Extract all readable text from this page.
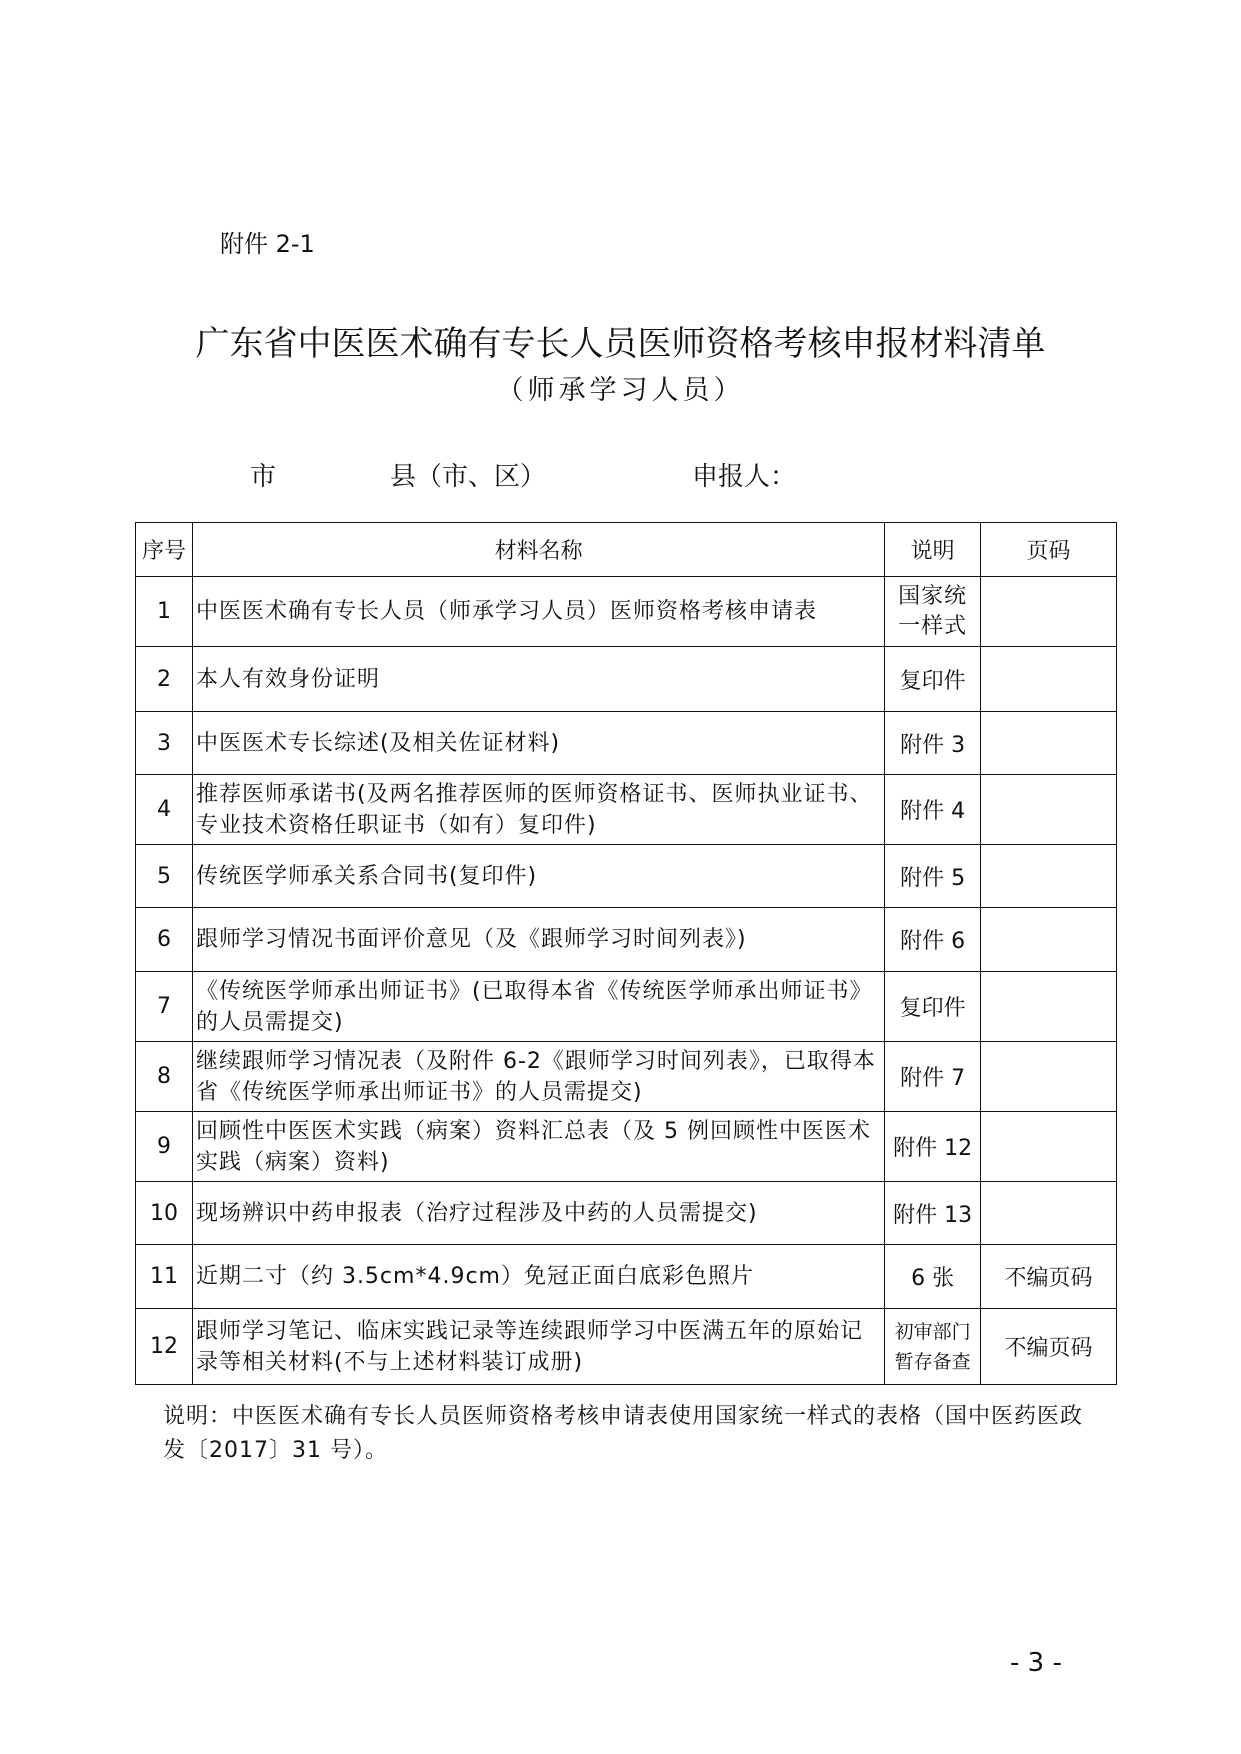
附件 2-1
广东省中医医术确有专长人员医师资格考核申报材料清单
（师承学习人员）
市	县（市、区）	申报人：
序号	材料名称	说明	页码
1	中医医术确有专长人员（师承学习人员）医师资格考核申请表	国家统一样式	
2	本人有效身份证明	复印件	
3	中医医术专长综述(及相关佐证材料)	附件 3	
4	推荐医师承诺书(及两名推荐医师的医师资格证书、医师执业证书、专业技术资格任职证书（如有）复印件)	附件 4	
5	传统医学师承关系合同书(复印件)	附件 5	
6	跟师学习情况书面评价意见（及《跟师学习时间列表》)	附件 6	
7	《传统医学师承出师证书》(已取得本省《传统医学师承出师证书》的人员需提交)	复印件	
8	继续跟师学习情况表（及附件 6-2《跟师学习时间列表》，已取得本省《传统医学师承出师证书》的人员需提交)	附件 7	
9	回顾性中医医术实践（病案）资料汇总表（及 5 例回顾性中医医术实践（病案）资料)	附件 12	
10	现场辨识中药申报表（治疗过程涉及中药的人员需提交)	附件 13	
11	近期二寸（约 3.5cm*4.9cm）免冠正面白底彩色照片	6 张	不编页码
12	跟师学习笔记、临床实践记录等连续跟师学习中医满五年的原始记录等相关材料(不与上述材料装订成册)	初审部门暂存备查	不编页码
说明：中医医术确有专长人员医师资格考核申请表使用国家统一样式的表格（国中医药医政发〔2017〕31 号）。
- 3 -
